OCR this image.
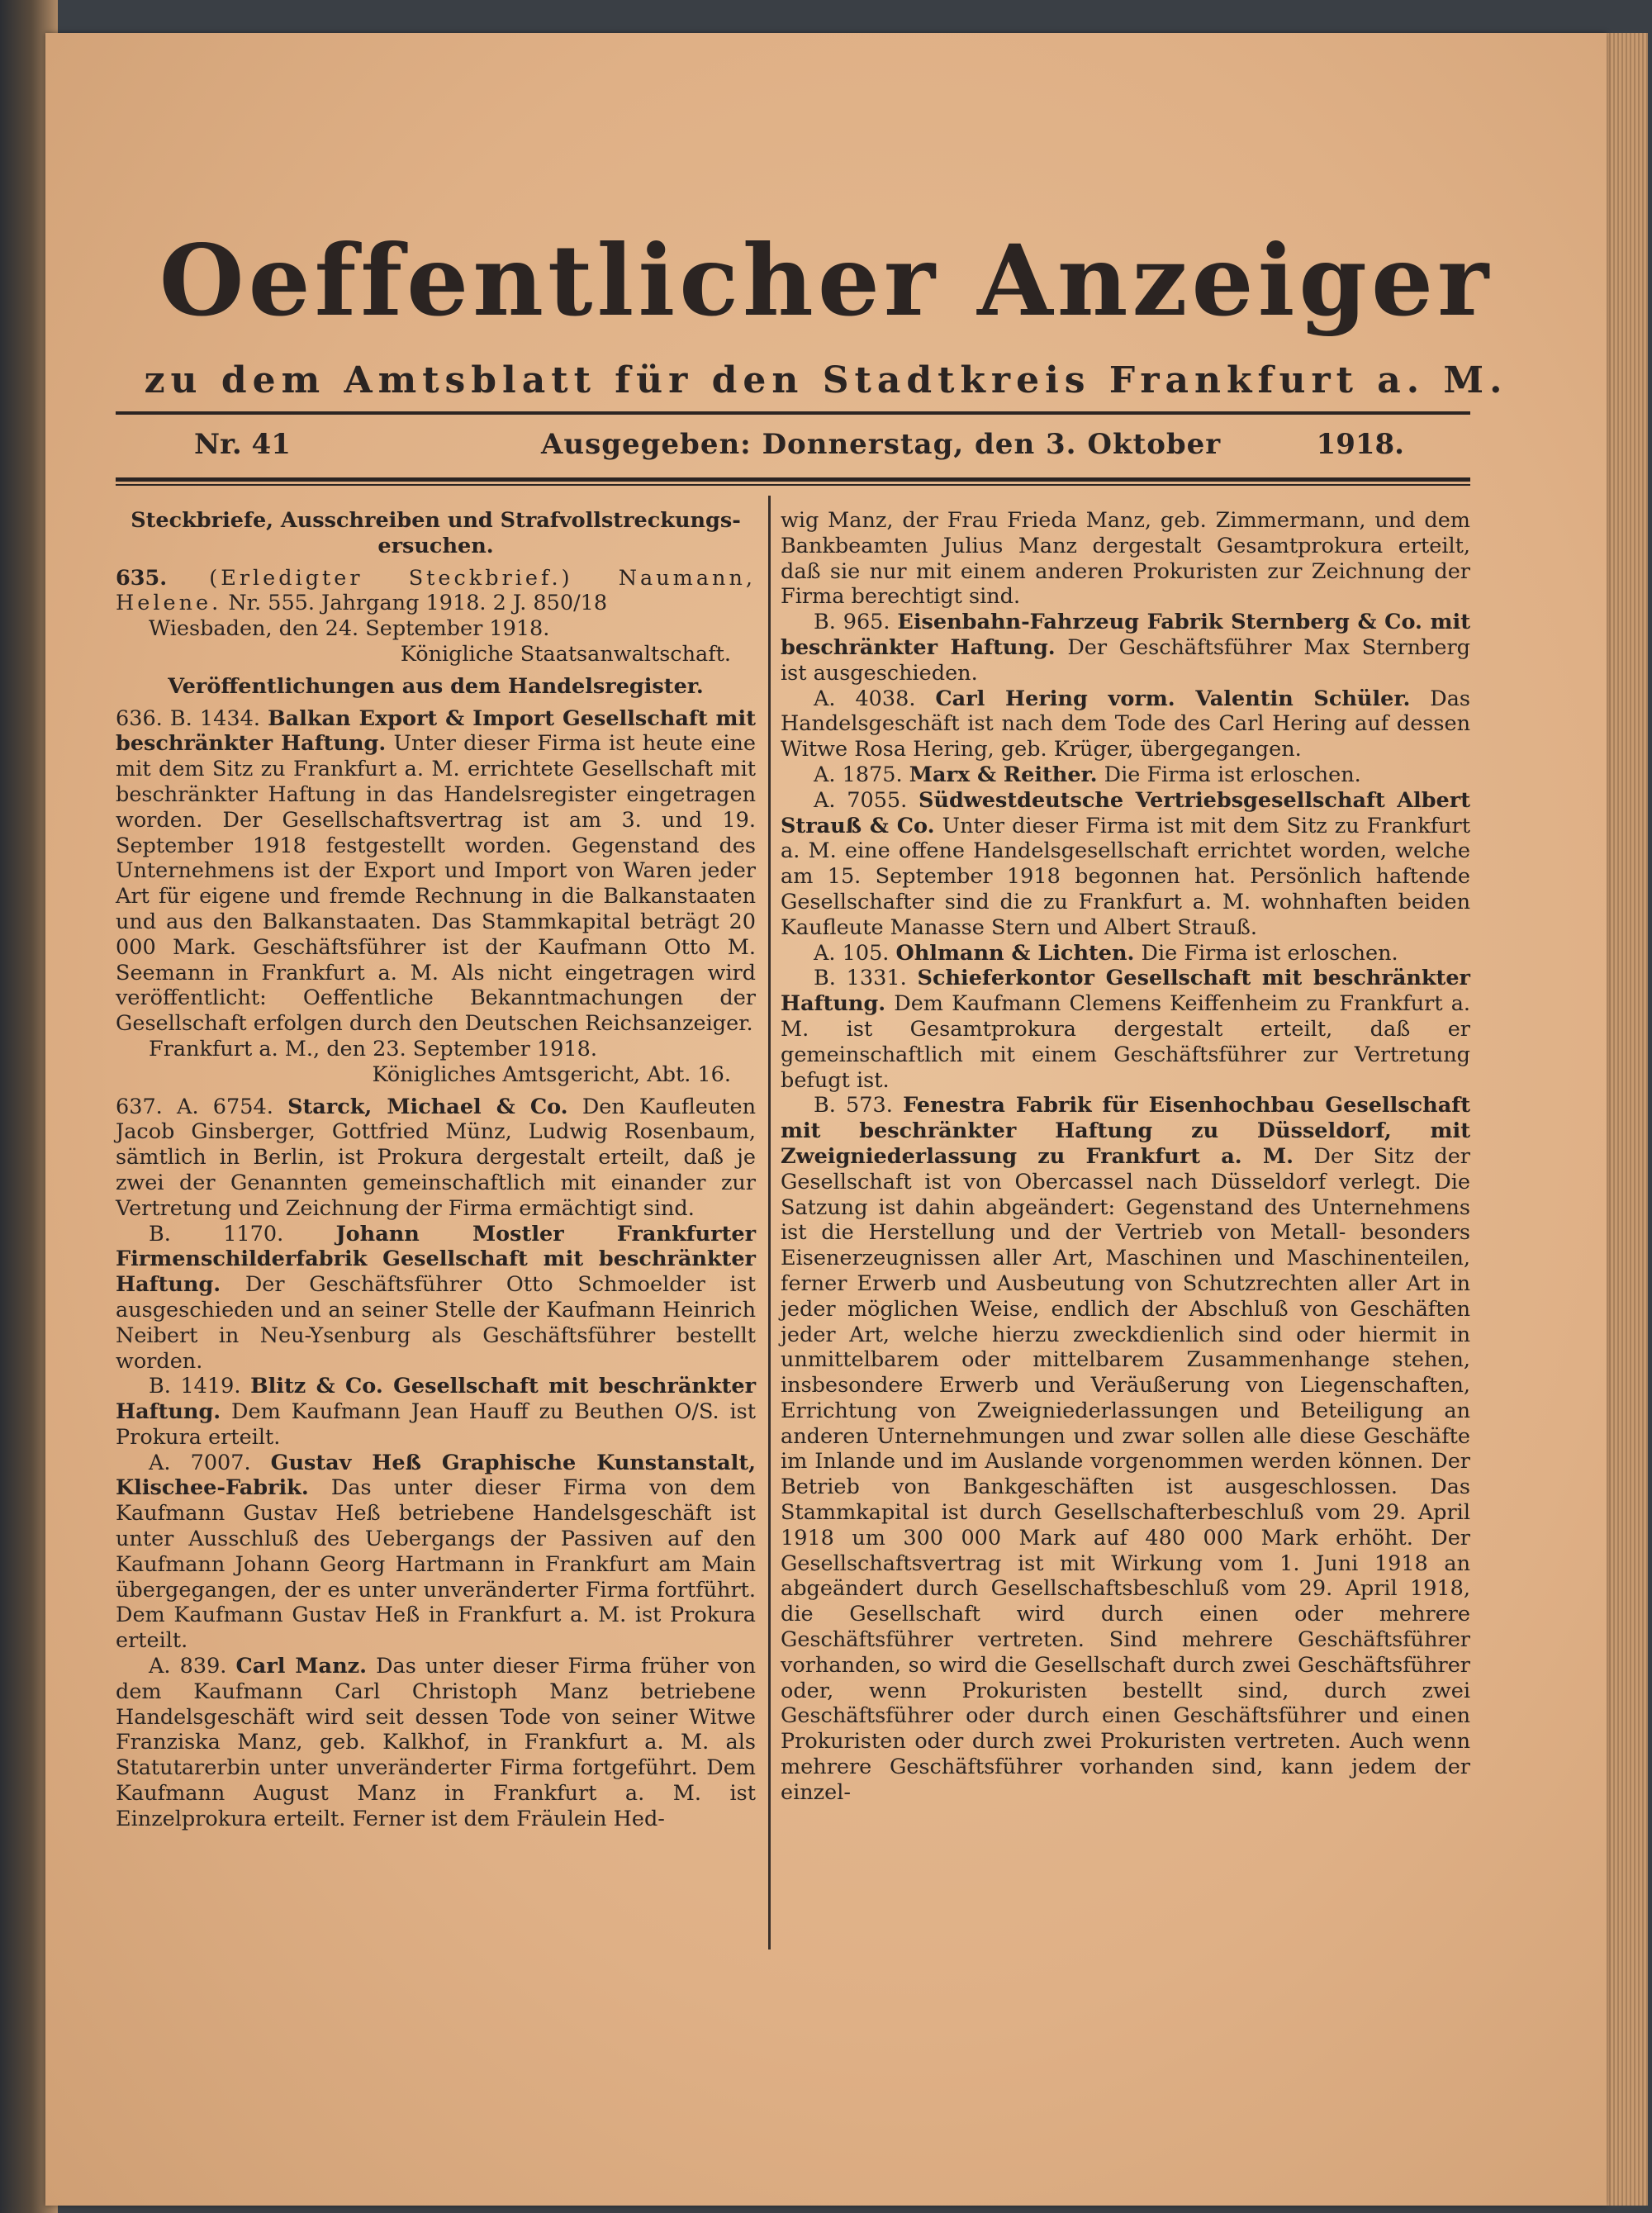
Oeffentlicher Anzeiger
zu dem Amtsblatt für den Stadtkreis Frankfurt a. M.
Nr. 41	Ausgegeben: Donnerstag, den 3. Oktober	1918.

Steckbriefe, Ausschreiben und Strafvollstreckungs-ersuchen.

635. (Erledigter Steckbrief.) Naumann, Helene. Nr. 555. Jahrgang 1918. 2 J. 850/18

Wiesbaden, den 24. September 1918.

Königliche Staatsanwaltschaft.

Veröffentlichungen aus dem Handelsregister.

636. B. 1434. Balkan Export & Import Gesellschaft mit beschränkter Haftung. Unter dieser Firma ist heute eine mit dem Sitz zu Frankfurt a. M. errichtete Gesellschaft mit beschränkter Haftung in das Handelsregister eingetragen worden. Der Gesellschaftsvertrag ist am 3. und 19. September 1918 festgestellt worden. Gegenstand des Unternehmens ist der Export und Import von Waren jeder Art für eigene und fremde Rechnung in die Balkanstaaten und aus den Balkanstaaten. Das Stammkapital beträgt 20 000 Mark. Geschäftsführer ist der Kaufmann Otto M. Seemann in Frankfurt a. M. Als nicht eingetragen wird veröffentlicht: Oeffentliche Bekanntmachungen der Gesellschaft erfolgen durch den Deutschen Reichsanzeiger.

Frankfurt a. M., den 23. September 1918.

Königliches Amtsgericht, Abt. 16.

637. A. 6754. Starck, Michael & Co. Den Kaufleuten Jacob Ginsberger, Gottfried Münz, Ludwig Rosenbaum, sämtlich in Berlin, ist Prokura dergestalt erteilt, daß je zwei der Genannten gemeinschaftlich mit einander zur Vertretung und Zeichnung der Firma ermächtigt sind.

B. 1170. Johann Mostler Frankfurter Firmenschilderfabrik Gesellschaft mit beschränkter Haftung. Der Geschäftsführer Otto Schmoelder ist ausgeschieden und an seiner Stelle der Kaufmann Heinrich Neibert in Neu-Ysenburg als Geschäftsführer bestellt worden.

B. 1419. Blitz & Co. Gesellschaft mit beschränkter Haftung. Dem Kaufmann Jean Hauff zu Beuthen O/S. ist Prokura erteilt.

A. 7007. Gustav Heß Graphische Kunstanstalt, Klischee-Fabrik. Das unter dieser Firma von dem Kaufmann Gustav Heß betriebene Handelsgeschäft ist unter Ausschluß des Uebergangs der Passiven auf den Kaufmann Johann Georg Hartmann in Frankfurt am Main übergegangen, der es unter unveränderter Firma fortführt. Dem Kaufmann Gustav Heß in Frankfurt a. M. ist Prokura erteilt.

A. 839. Carl Manz. Das unter dieser Firma früher von dem Kaufmann Carl Christoph Manz betriebene Handelsgeschäft wird seit dessen Tode von seiner Witwe Franziska Manz, geb. Kalkhof, in Frankfurt a. M. als Statutarerbin unter unveränderter Firma fortgeführt. Dem Kaufmann August Manz in Frankfurt a. M. ist Einzelprokura erteilt. Ferner ist dem Fräulein Hed-

wig Manz, der Frau Frieda Manz, geb. Zimmermann, und dem Bankbeamten Julius Manz dergestalt Gesamtprokura erteilt, daß sie nur mit einem anderen Prokuristen zur Zeichnung der Firma berechtigt sind.

B. 965. Eisenbahn-Fahrzeug Fabrik Sternberg & Co. mit beschränkter Haftung. Der Geschäftsführer Max Sternberg ist ausgeschieden.

A. 4038. Carl Hering vorm. Valentin Schüler. Das Handelsgeschäft ist nach dem Tode des Carl Hering auf dessen Witwe Rosa Hering, geb. Krüger, übergegangen.

A. 1875. Marx & Reither. Die Firma ist erloschen.

A. 7055. Südwestdeutsche Vertriebsgesellschaft Albert Strauß & Co. Unter dieser Firma ist mit dem Sitz zu Frankfurt a. M. eine offene Handelsgesellschaft errichtet worden, welche am 15. September 1918 begonnen hat. Persönlich haftende Gesellschafter sind die zu Frankfurt a. M. wohnhaften beiden Kaufleute Manasse Stern und Albert Strauß.

A. 105. Ohlmann & Lichten. Die Firma ist erloschen.

B. 1331. Schieferkontor Gesellschaft mit beschränkter Haftung. Dem Kaufmann Clemens Keiffenheim zu Frankfurt a. M. ist Gesamtprokura dergestalt erteilt, daß er gemeinschaftlich mit einem Geschäftsführer zur Vertretung befugt ist.

B. 573. Fenestra Fabrik für Eisenhochbau Gesellschaft mit beschränkter Haftung zu Düsseldorf, mit Zweigniederlassung zu Frankfurt a. M. Der Sitz der Gesellschaft ist von Obercassel nach Düsseldorf verlegt. Die Satzung ist dahin abgeändert: Gegenstand des Unternehmens ist die Herstellung und der Vertrieb von Metall- besonders Eisenerzeugnissen aller Art, Maschinen und Maschinenteilen, ferner Erwerb und Ausbeutung von Schutzrechten aller Art in jeder möglichen Weise, endlich der Abschluß von Geschäften jeder Art, welche hierzu zweckdienlich sind oder hiermit in unmittelbarem oder mittelbarem Zusammenhange stehen, insbesondere Erwerb und Veräußerung von Liegenschaften, Errichtung von Zweigniederlassungen und Beteiligung an anderen Unternehmungen und zwar sollen alle diese Geschäfte im Inlande und im Auslande vorgenommen werden können. Der Betrieb von Bankgeschäften ist ausgeschlossen. Das Stammkapital ist durch Gesellschafterbeschluß vom 29. April 1918 um 300 000 Mark auf 480 000 Mark erhöht. Der Gesellschaftsvertrag ist mit Wirkung vom 1. Juni 1918 an abgeändert durch Gesellschaftsbeschluß vom 29. April 1918, die Gesellschaft wird durch einen oder mehrere Geschäftsführer vertreten. Sind mehrere Geschäftsführer vorhanden, so wird die Gesellschaft durch zwei Geschäftsführer oder, wenn Prokuristen bestellt sind, durch zwei Geschäftsführer oder durch einen Geschäftsführer und einen Prokuristen oder durch zwei Prokuristen vertreten. Auch wenn mehrere Geschäftsführer vorhanden sind, kann jedem der einzel-
